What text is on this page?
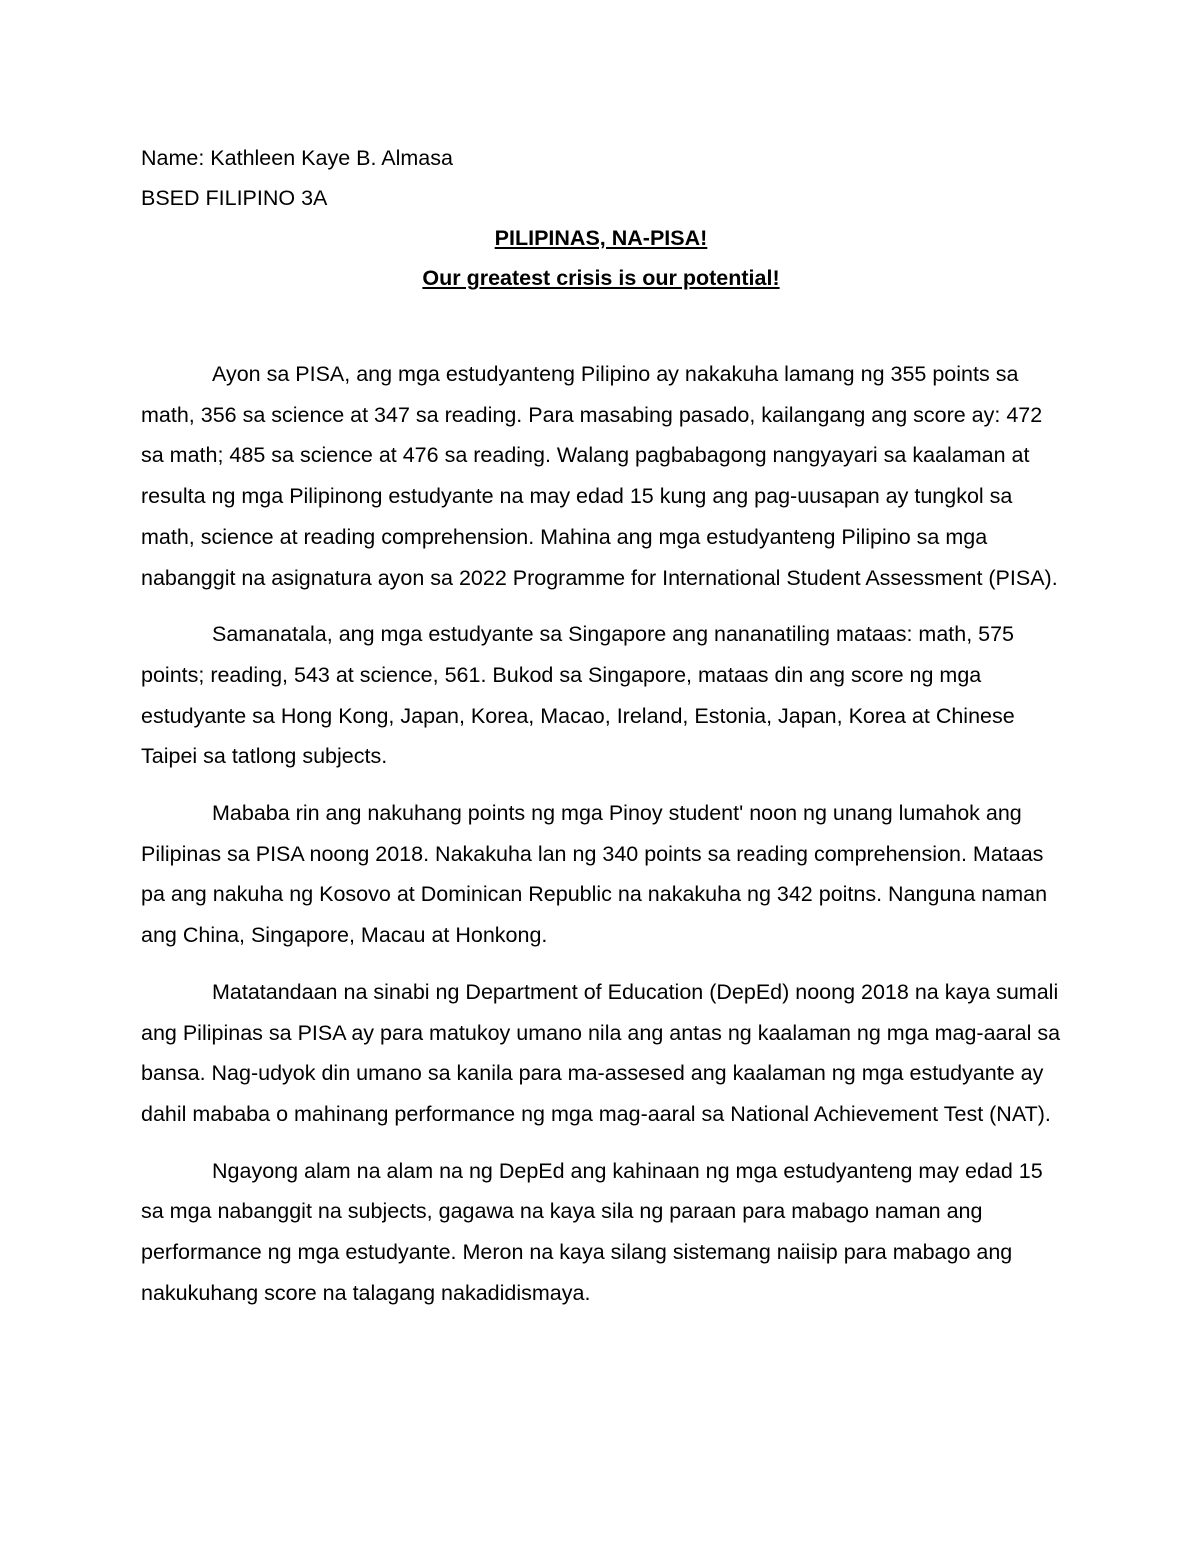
Name: Kathleen Kaye B. Almasa

BSED FILIPINO 3A

PILIPINAS, NA-PISA!

Our greatest crisis is our potential!

Ayon sa PISA, ang mga estudyanteng Pilipino ay nakakuha lamang ng 355 points sa math, 356 sa science at 347 sa reading. Para masabing pasado, kailangang ang score ay: 472 sa math; 485 sa science at 476 sa reading. Walang pagbabagong nangyayari sa kaalaman at resulta ng mga Pilipinong estudyante na may edad 15 kung ang pag-uusapan ay tungkol sa math, science at reading comprehension. Mahina ang mga estudyanteng Pilipino sa mga nabanggit na asignatura ayon sa 2022 Programme for International Student Assessment (PISA).

Samanatala, ang mga estudyante sa Singapore ang nananatiling mataas: math, 575 points; reading, 543 at science, 561. Bukod sa Singapore, mataas din ang score ng mga estudyante sa Hong Kong, Japan, Korea, Macao, Ireland, Estonia, Japan, Korea at Chinese Taipei sa tatlong subjects.

Mababa rin ang nakuhang points ng mga Pinoy student' noon ng unang lumahok ang Pilipinas sa PISA noong 2018. Nakakuha lan ng 340 points sa reading comprehension. Mataas pa ang nakuha ng Kosovo at Dominican Republic na nakakuha ng 342 poitns. Nanguna naman ang China, Singapore, Macau at Honkong.

Matatandaan na sinabi ng Department of Education (DepEd) noong 2018 na kaya sumali ang Pilipinas sa PISA ay para matukoy umano nila ang antas ng kaalaman ng mga mag-aaral sa bansa. Nag-udyok din umano sa kanila para ma-assesed ang kaalaman ng mga estudyante ay dahil mababa o mahinang performance ng mga mag-aaral sa National Achievement Test (NAT).

Ngayong alam na alam na ng DepEd ang kahinaan ng mga estudyanteng may edad 15 sa mga nabanggit na subjects, gagawa na kaya sila ng paraan para mabago naman ang performance ng mga estudyante. Meron na kaya silang sistemang naiisip para mabago ang nakukuhang score na talagang nakadidismaya.
